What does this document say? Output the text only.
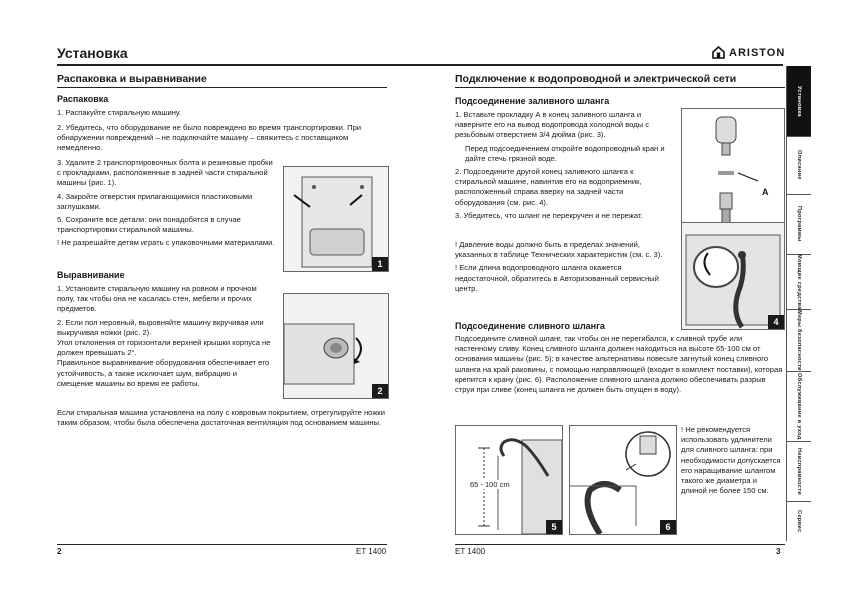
Установка	ARISTON
Распаковка и выравнивание
Распаковка

1. Распакуйте стиральную машину.

2. Убедитесь, что оборудование не было повреждено во время транспортировки. При обнаружении повреждений – не подключайте машину – свяжитесь с поставщиком немедленно.

3. Удалите 2 транспортировочных болта и резиновые пробки с прокладками, расположенные в задней части стиральной машины (рис. 1).

4. Закройте отверстия прилагающимися пластиковыми заглушками.

5. Сохраните все детали: они понадобятся в случае транспортировки стиральной машины.

! Не разрешайте детям играть с упаковочными материалами.

1
Выравнивание

1. Установите стиральную машину на ровном и прочном полу, так чтобы она не касалась стен, мебели и прочих предметов.

2. Если пол неровный, выровняйте машину вкручивая или выкручивая ножки (рис. 2).

Угол отклонения от горизонтали верхней крышки корпуса не должен превышать 2°.

Правильное выравнивание оборудования обеспечивает его устойчивость, а также исключает шум, вибрацию и смещение машины во время ее работы.

Если стиральная машина установлена на полу с ковровым покрытием, отрегулируйте ножки таким образом, чтобы была обеспечена достаточная вентиляция под основанием машины.
2
2	ET 1400
Подключение к водопроводной и электрической сети
Подсоединение заливного шланга

1. Вставьте прокладку А в конец заливного шланга и наверните его на вывод водопровода холодной воды с резьбовым отверстием 3/4 дюйма (рис. 3).

Перед подсоединением откройте водопроводный кран и дайте стечь грязной воде.

2. Подсоедините другой конец заливного шланга к стиральной машине, навинтив его на водоприемник, расположенный справа вверху на задней части оборудования (см. рис. 4).

3. Убедитесь, что шланг не перекручен и не пережат.

! Давление воды должно быть в пределах значений, указанных в таблице Технических характеристик (см. с. 3).

! Если длина водопроводного шланга окажется недостаточной, обратитесь в Авторизованный сервисный центр.

A
4
Подсоединение сливного шланга
Подсоедините сливной шланг, так чтобы он не перегибался, к сливной трубе или настенному сливу. Конец сливного шланга должен находиться на высоте 65-100 см от основания машины (рис. 5); в качестве альтернативы повесьте загнутый конец сливного шланга на край раковины, с помощью направляющей (входит в комплект поставки), которая крепится к крану (рис. 6). Расположение сливного шланга должно обеспечивать разрыв струи при сливе (конец шланга не должен быть опущен в воду).
65 - 100 cm
5	6
! Не рекомендуется использовать удлинители для сливного шланга: при необходимости допускается его наращивание шлангом такого же диаметра и длиной не более 150 см.
ET 1400	3
Установка
Описание
Программы
Моющие средства
Меры безопасности
Обслуживание и уход
Неисправности
Сервис
